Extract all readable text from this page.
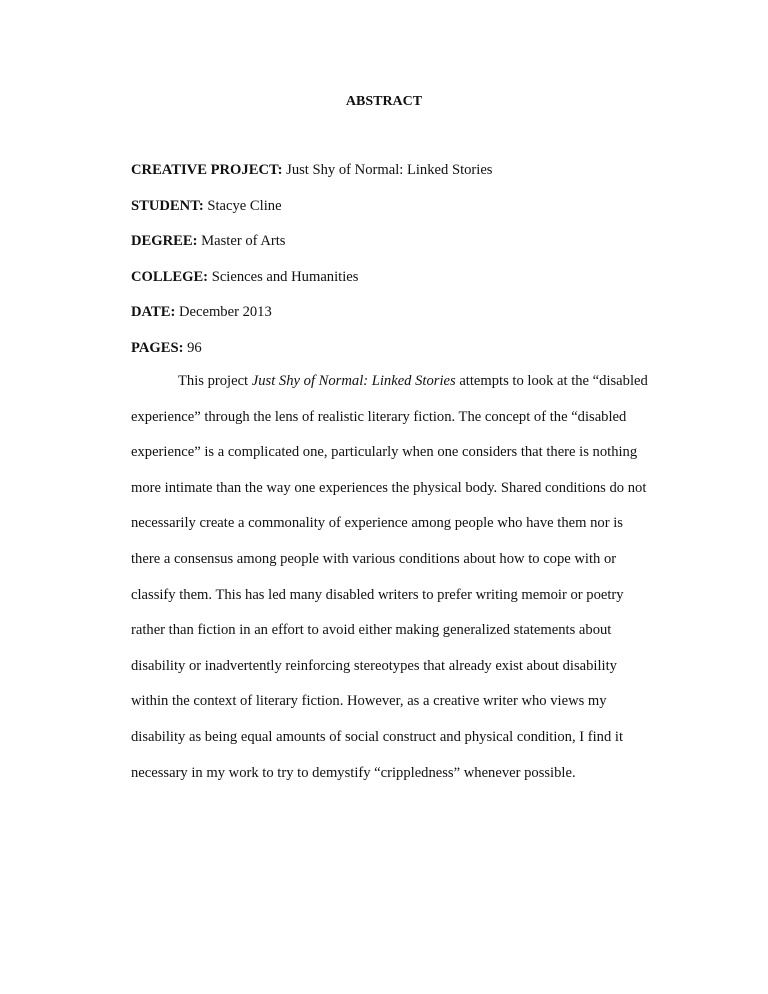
ABSTRACT
CREATIVE PROJECT: Just Shy of Normal: Linked Stories
STUDENT: Stacye Cline
DEGREE: Master of Arts
COLLEGE: Sciences and Humanities
DATE: December 2013
PAGES: 96

This project Just Shy of Normal: Linked Stories attempts to look at the “disabled experience” through the lens of realistic literary fiction. The concept of the “disabled experience” is a complicated one, particularly when one considers that there is nothing more intimate than the way one experiences the physical body. Shared conditions do not necessarily create a commonality of experience among people who have them nor is there a consensus among people with various conditions about how to cope with or classify them. This has led many disabled writers to prefer writing memoir or poetry rather than fiction in an effort to avoid either making generalized statements about disability or inadvertently reinforcing stereotypes that already exist about disability within the context of literary fiction. However, as a creative writer who views my disability as being equal amounts of social construct and physical condition, I find it necessary in my work to try to demystify “crippledness” whenever possible.
